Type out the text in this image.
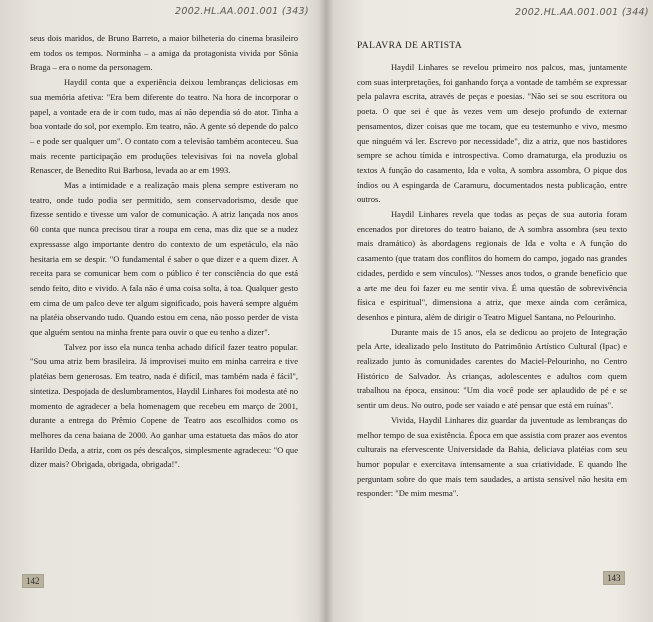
2002.HL.AA.001.001 (343)

seus dois maridos, de Bruno Barreto, a maior bilheteria do cinema brasileiro em todos os tempos. Norminha – a amiga da protagonista vivida por Sônia Braga – era o nome da personagem.

Haydil conta que a experiência deixou lembranças deliciosas em sua memória afetiva: "Era bem diferente do teatro. Na hora de incorporar o papel, a vontade era de ir com tudo, mas aí não dependia só do ator. Tinha a boa vontade do sol, por exemplo. Em teatro, não. A gente só depende do palco – e pode ser qualquer um". O contato com a televisão também aconteceu. Sua mais recente participação em produções televisivas foi na novela global Renascer, de Benedito Rui Barbosa, levada ao ar em 1993.

Mas a intimidade e a realização mais plena sempre estiveram no teatro, onde tudo podia ser permitido, sem conservadorismo, desde que fizesse sentido e tivesse um valor de comunicação. A atriz lançada nos anos 60 conta que nunca precisou tirar a roupa em cena, mas diz que se a nudez expressasse algo importante dentro do contexto de um espetáculo, ela não hesitaria em se despir. "O fundamental é saber o que dizer e a quem dizer. A receita para se comunicar bem com o público é ter consciência do que está sendo feito, dito e vivido. A fala não é uma coisa solta, à toa. Qualquer gesto em cima de um palco deve ter algum significado, pois haverá sempre alguém na platéia observando tudo. Quando estou em cena, não posso perder de vista que alguém sentou na minha frente para ouvir o que eu tenho a dizer".

Talvez por isso ela nunca tenha achado difícil fazer teatro popular. "Sou uma atriz bem brasileira. Já improvisei muito em minha carreira e tive platéias bem generosas. Em teatro, nada é difícil, mas também nada é fácil", sintetiza. Despojada de deslumbramentos, Haydil Linhares foi modesta até no momento de agradecer a bela homenagem que recebeu em março de 2001, durante a entrega do Prêmio Copene de Teatro aos escolhidos como os melhores da cena baiana de 2000. Ao ganhar uma estatueta das mãos do ator Harildo Deda, a atriz, com os pés descalços, simplesmente agradeceu: "O que dizer mais? Obrigada, obrigada, obrigada!".

142
2002.HL.AA.001.001 (344)
PALAVRA DE ARTISTA

Haydil Linhares se revelou primeiro nos palcos, mas, juntamente com suas interpretações, foi ganhando força a vontade de também se expressar pela palavra escrita, através de peças e poesias. "Não sei se sou escritora ou poeta. O que sei é que às vezes vem um desejo profundo de externar pensamentos, dizer coisas que me tocam, que eu testemunho e vivo, mesmo que ninguém vá ler. Escrevo por necessidade", diz a atriz, que nos bastidores sempre se achou tímida e introspectiva. Como dramaturga, ela produziu os textos A função do casamento, Ida e volta, A sombra assombra, O pique dos índios ou A espingarda de Caramuru, documentados nesta publicação, entre outros.

Haydil Linhares revela que todas as peças de sua autoria foram encenados por diretores do teatro baiano, de A sombra assombra (seu texto mais dramático) às abordagens regionais de Ida e volta e A função do casamento (que tratam dos conflitos do homem do campo, jogado nas grandes cidades, perdido e sem vínculos). "Nesses anos todos, o grande benefício que a arte me deu foi fazer eu me sentir viva. É uma questão de sobrevivência física e espiritual", dimensiona a atriz, que mexe ainda com cerâmica, desenhos e pintura, além de dirigir o Teatro Miguel Santana, no Pelourinho.

Durante mais de 15 anos, ela se dedicou ao projeto de Integração pela Arte, idealizado pelo Instituto do Patrimônio Artístico Cultural (Ipac) e realizado junto às comunidades carentes do Maciel-Pelourinho, no Centro Histórico de Salvador. Às crianças, adolescentes e adultos com quem trabalhou na época, ensinou: "Um dia você pode ser aplaudido de pé e se sentir um deus. No outro, pode ser vaiado e até pensar que está em ruínas".

Vivida, Haydil Linhares diz guardar da juventude as lembranças do melhor tempo de sua existência. Época em que assistia com prazer aos eventos culturais na efervescente Universidade da Bahia, deliciava platéias com seu humor popular e exercitava intensamente a sua criatividade. E quando lhe perguntam sobre do que mais tem saudades, a artista sensível não hesita em responder: "De mim mesma".

143
